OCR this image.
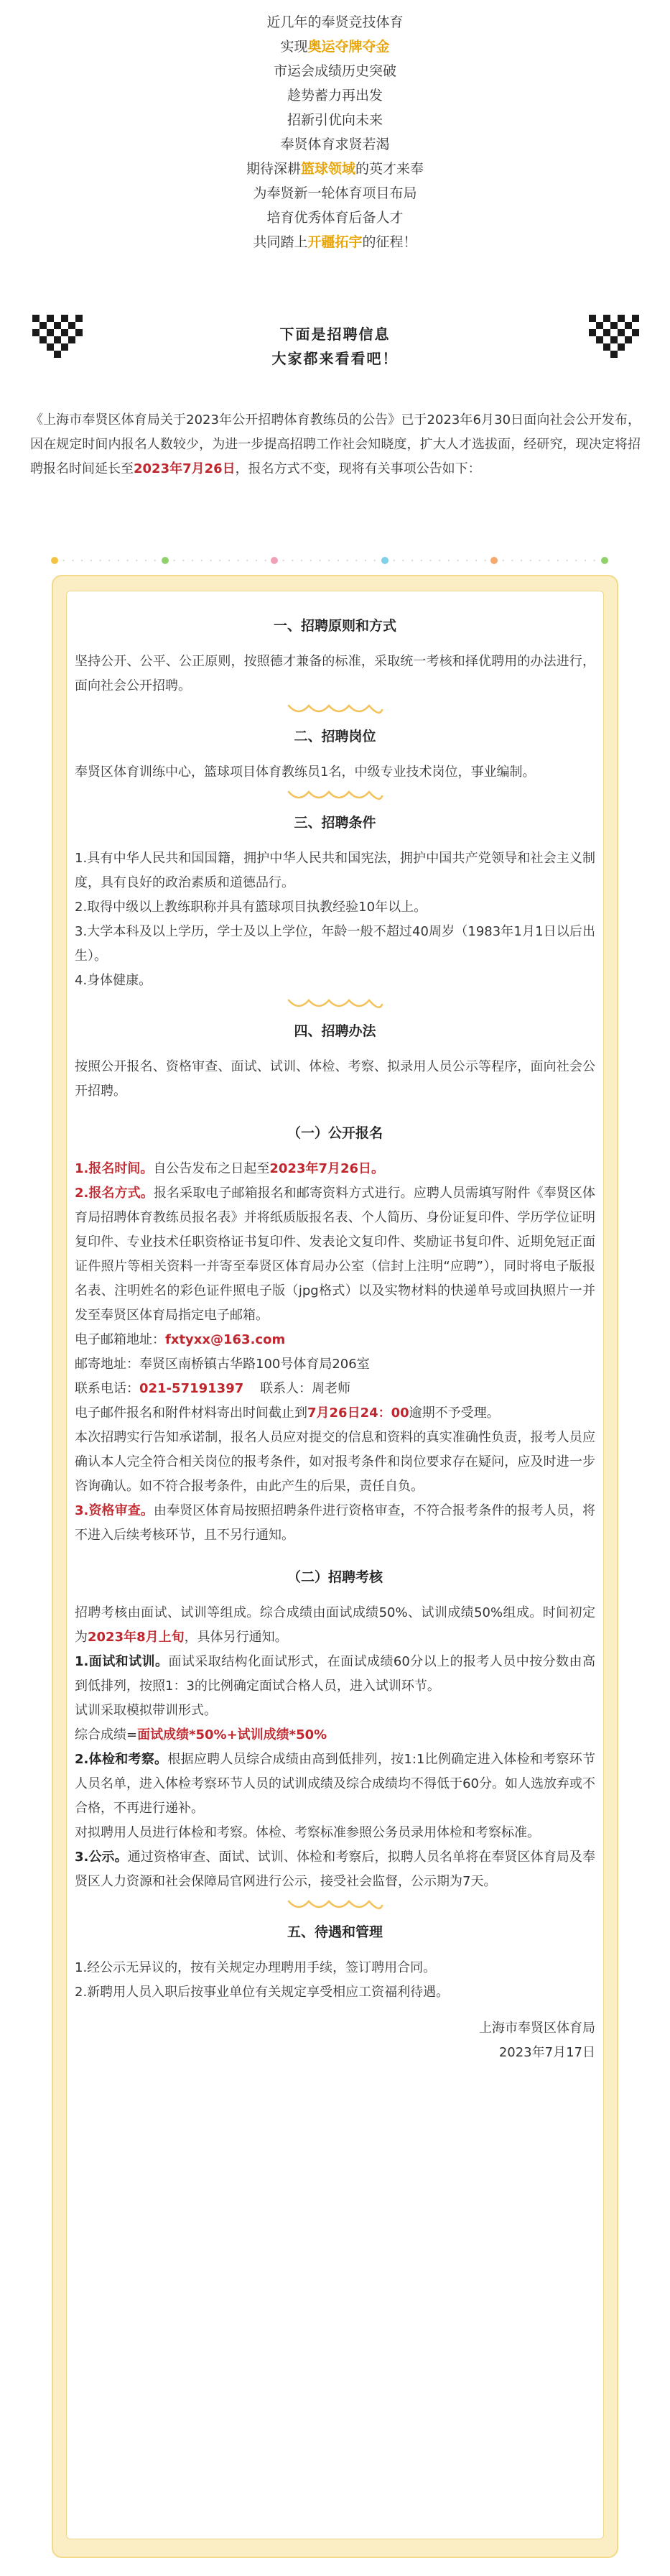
近几年的奉贤竞技体育
实现奥运夺牌夺金
市运会成绩历史突破
趁势蓄力再出发
招新引优向未来
奉贤体育求贤若渴
期待深耕篮球领域的英才来奉
为奉贤新一轮体育项目布局
培育优秀体育后备人才
共同踏上开疆拓宇的征程！
下面是招聘信息
大家都来看看吧！
《上海市奉贤区体育局关于2023年公开招聘体育教练员的公告》已于2023年6月30日面向社会公开发布，因在规定时间内报名人数较少，为进一步提高招聘工作社会知晓度，扩大人才选拔面，经研究，现决定将招聘报名时间延长至2023年7月26日，报名方式不变，现将有关事项公告如下：

一、招聘原则和方式

坚持公开、公平、公正原则，按照德才兼备的标准，采取统一考核和择优聘用的办法进行，面向社会公开招聘。

二、招聘岗位

奉贤区体育训练中心，篮球项目体育教练员1名，中级专业技术岗位，事业编制。

三、招聘条件

1.具有中华人民共和国国籍，拥护中华人民共和国宪法，拥护中国共产党领导和社会主义制度，具有良好的政治素质和道德品行。

2.取得中级以上教练职称并具有篮球项目执教经验10年以上。

3.大学本科及以上学历，学士及以上学位，年龄一般不超过40周岁（1983年1月1日以后出生）。

4.身体健康。

四、招聘办法

按照公开报名、资格审查、面试、试训、体检、考察、拟录用人员公示等程序，面向社会公开招聘。

（一）公开报名

1.报名时间。自公告发布之日起至2023年7月26日。

2.报名方式。报名采取电子邮箱报名和邮寄资料方式进行。应聘人员需填写附件《奉贤区体育局招聘体育教练员报名表》并将纸质版报名表、个人简历、身份证复印件、学历学位证明复印件、专业技术任职资格证书复印件、发表论文复印件、奖励证书复印件、近期免冠正面证件照片等相关资料一并寄至奉贤区体育局办公室（信封上注明“应聘”），同时将电子版报名表、注明姓名的彩色证件照电子版（jpg格式）以及实物材料的快递单号或回执照片一并发至奉贤区体育局指定电子邮箱。

电子邮箱地址：fxtyxx@163.com

邮寄地址：奉贤区南桥镇古华路100号体育局206室

联系电话：021-57191397 联系人：周老师

电子邮件报名和附件材料寄出时间截止到7月26日24：00逾期不予受理。

本次招聘实行告知承诺制，报名人员应对提交的信息和资料的真实准确性负责，报考人员应确认本人完全符合相关岗位的报考条件，如对报考条件和岗位要求存在疑问，应及时进一步咨询确认。如不符合报考条件，由此产生的后果，责任自负。

3.资格审查。由奉贤区体育局按照招聘条件进行资格审查，不符合报考条件的报考人员，将不进入后续考核环节，且不另行通知。

（二）招聘考核

招聘考核由面试、试训等组成。综合成绩由面试成绩50%、试训成绩50%组成。时间初定为2023年8月上旬，具体另行通知。

1.面试和试训。面试采取结构化面试形式，在面试成绩60分以上的报考人员中按分数由高到低排列，按照1：3的比例确定面试合格人员，进入试训环节。

试训采取模拟带训形式。

综合成绩=面试成绩*50%+试训成绩*50%

2.体检和考察。根据应聘人员综合成绩由高到低排列，按1:1比例确定进入体检和考察环节人员名单，进入体检考察环节人员的试训成绩及综合成绩均不得低于60分。如人选放弃或不合格，不再进行递补。

对拟聘用人员进行体检和考察。体检、考察标准参照公务员录用体检和考察标准。

3.公示。通过资格审查、面试、试训、体检和考察后，拟聘人员名单将在奉贤区体育局及奉贤区人力资源和社会保障局官网进行公示，接受社会监督，公示期为7天。

五、待遇和管理

1.经公示无异议的，按有关规定办理聘用手续，签订聘用合同。

2.新聘用人员入职后按事业单位有关规定享受相应工资福利待遇。

上海市奉贤区体育局

2023年7月17日
